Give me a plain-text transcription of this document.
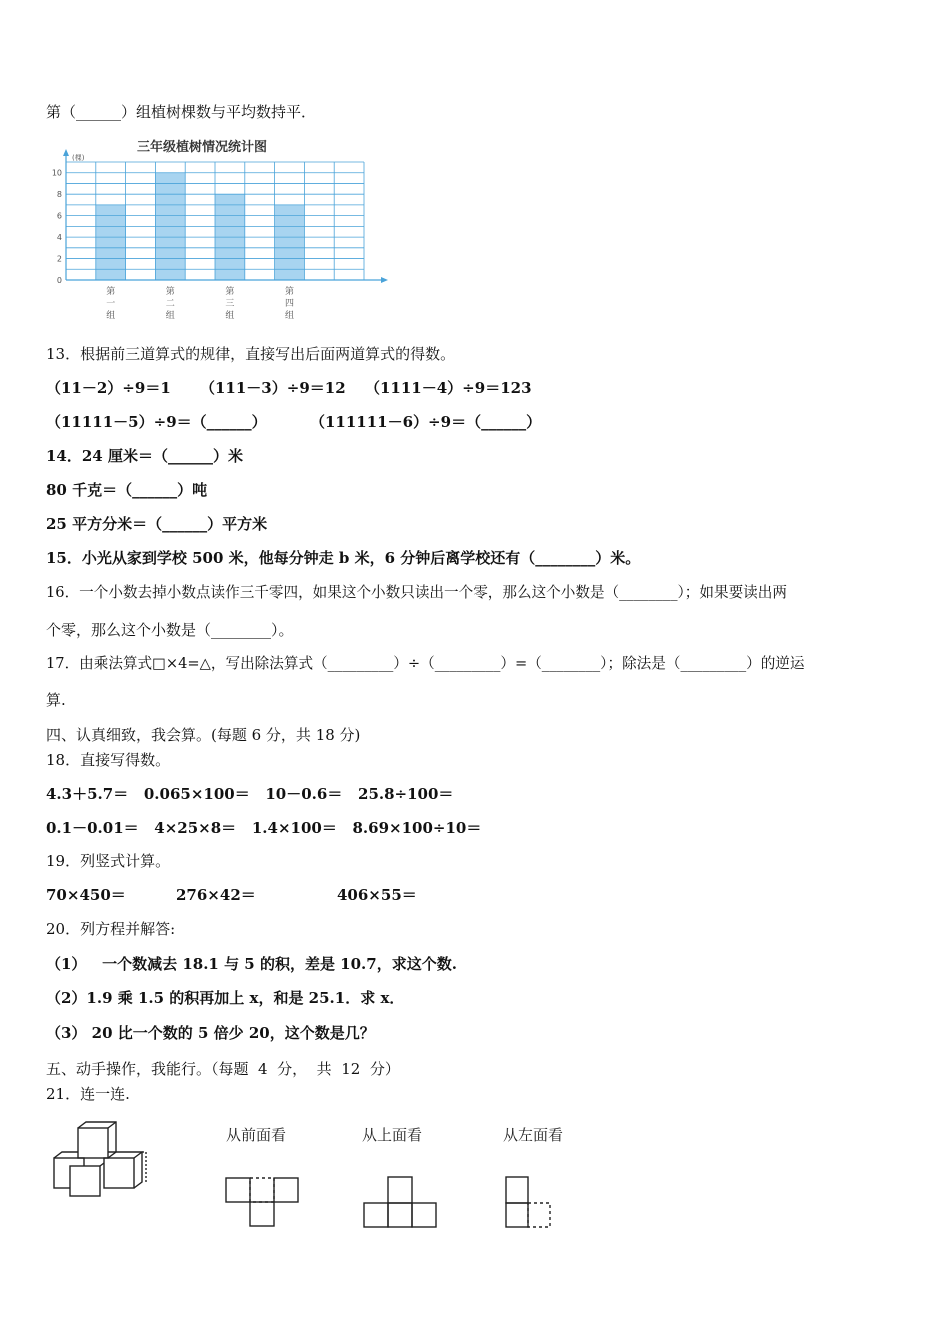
第（______）组植树棵数与平均数持平．
三年级植树情况统计图
(棵)
0
2
4
6
8
10
第
一
组
第
二
组
第
三
组
第
四
组
13．根据前三道算式的规律，直接写出后面两道算式的得数。
（11－2）÷9＝1 （111－3）÷9＝12 （1111－4）÷9＝123
（11111－5）÷9＝（______）	（111111－6）÷9＝（______）
14．24 厘米＝（______）米
80 千克＝（______）吨
25 平方分米＝（______）平方米
15．小光从家到学校 500 米，他每分钟走 b 米，6 分钟后离学校还有（________）米。
16．一个小数去掉小数点读作三千零四，如果这个小数只读出一个零，那么这个小数是（________）；如果要读出两
个零，那么这个小数是（________）。
17．由乘法算式□×4=△，写出除法算式（_________）÷（_________）=（________）；除法是（_________）的逆运
算.
四、认真细致，我会算。(每题 6 分，共 18 分)
18．直接写得数。
4.3＋5.7＝   0.065×100＝   10－0.6＝   25.8÷100＝
0.1－0.01＝   4×25×8＝   1.4×100＝   8.69×100÷10＝
19．列竖式计算。
70×450＝	276×42＝	406×55＝
20．列方程并解答:
（1）   一个数减去 18.1 与 5 的积，差是 10.7，求这个数.
（2）1.9 乘 1.5 的积再加上 x，和是 25.1．求 x．
（3） 20 比一个数的 5 倍少 20，这个数是几？
五、动手操作，我能行。（每题  4  分，  共  12  分）
21．连一连.
从前面看	从上面看	从左面看
